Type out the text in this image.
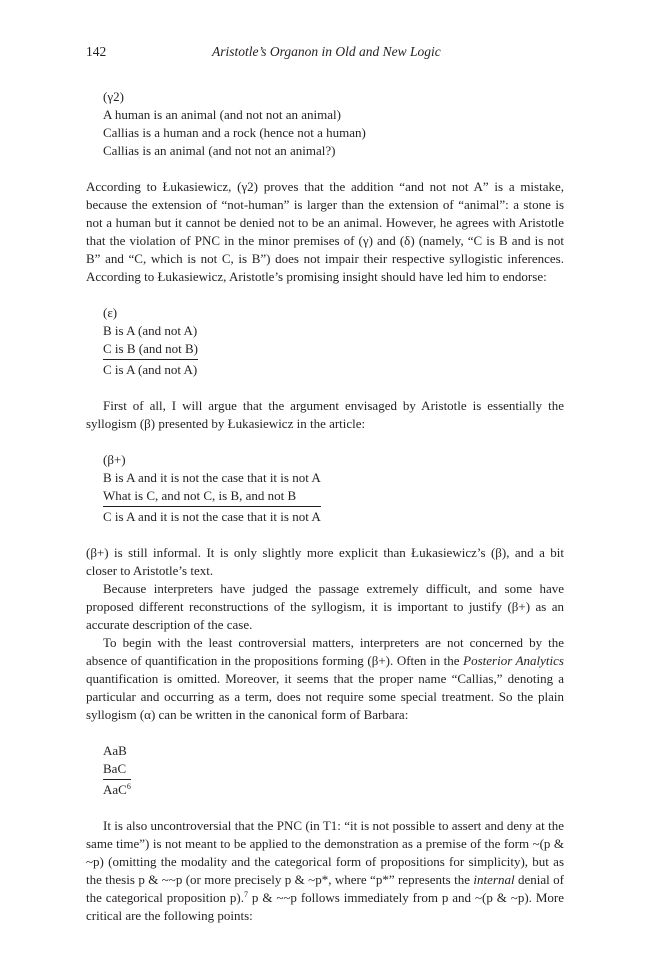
142	Aristotle’s Organon in Old and New Logic
(γ2)
A human is an animal (and not not an animal)
Callias is a human and a rock (hence not a human)
Callias is an animal (and not not an animal?)

According to Łukasiewicz, (γ2) proves that the addition “and not not A” is a mistake, because the extension of “not-human” is larger than the extension of “animal”: a stone is not a human but it cannot be denied not to be an animal. However, he agrees with Aristotle that the violation of PNC in the minor premises of (γ) and (δ) (namely, “C is B and is not B” and “C, which is not C, is B”) does not impair their respective syllogistic inferences. According to Łukasiewicz, Aristotle’s promising insight should have led him to endorse:

(ε)
B is A (and not A)
C is B (and not B)
C is A (and not A)

First of all, I will argue that the argument envisaged by Aristotle is essentially the syllogism (β) presented by Łukasiewicz in the article:

(β+)
B is A and it is not the case that it is not A
What is C, and not C, is B, and not B
C is A and it is not the case that it is not A

(β+) is still informal. It is only slightly more explicit than Łukasiewicz’s (β), and a bit closer to Aristotle’s text.

Because interpreters have judged the passage extremely difficult, and some have proposed different reconstructions of the syllogism, it is important to justify (β+) as an accurate description of the case.

To begin with the least controversial matters, interpreters are not concerned by the absence of quantification in the propositions forming (β+). Often in the Posterior Analytics quantification is omitted. Moreover, it seems that the proper name “Callias,” denoting a particular and occurring as a term, does not require some special treatment. So the plain syllogism (α) can be written in the canonical form of Barbara:

AaB
BaC
AaC$^6$

It is also uncontroversial that the PNC (in T1: “it is not possible to assert and deny at the same time”) is not meant to be applied to the demonstration as a premise of the form ~(p & ~p) (omitting the modality and the categorical form of propositions for simplicity), but as the thesis p & ~~p (or more precisely p & ~p*, where “p*” represents the internal denial of the categorical proposition p).$^7$ p & ~~p follows immediately from p and ~(p & ~p). More critical are the following points:
